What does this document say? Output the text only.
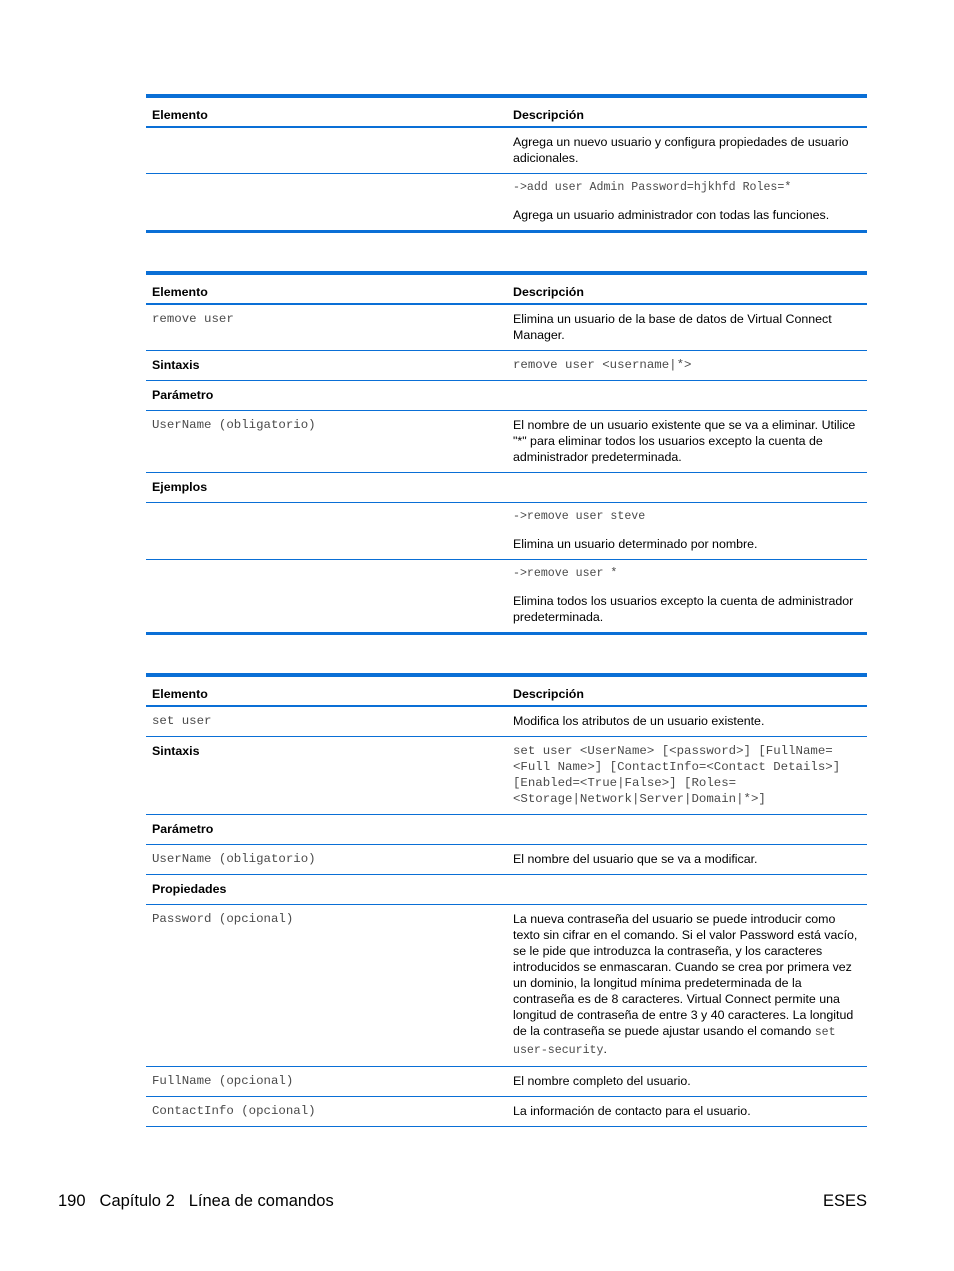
Elemento	Descripción
	Agrega un nuevo usuario y configura propiedades de usuario adicionales.

	->add user Admin Password=hjkhfd Roles=*
Agrega un usuario administrador con todas las funciones.
Elemento	Descripción
remove user	Elimina un usuario de la base de datos de Virtual Connect Manager.
Sintaxis	remove user <username|*>
Parámetro	
UserName (obligatorio)	El nombre de un usuario existente que se va a eliminar. Utilice "*" para eliminar todos los usuarios excepto la cuenta de administrador predeterminada.
Ejemplos	

	->remove user steve
Elimina un usuario determinado por nombre.

	->remove user *
Elimina todos los usuarios excepto la cuenta de administrador predeterminada.
Elemento	Descripción
set user	Modifica los atributos de un usuario existente.
Sintaxis	set user <UserName> [<password>] [FullName=<Full Name>] [ContactInfo=<Contact Details>] [Enabled=<True|False>] [Roles=<Storage|Network|Server|Domain|*>]
Parámetro	
UserName (obligatorio)	El nombre del usuario que se va a modificar.
Propiedades	
Password (opcional)	La nueva contraseña del usuario se puede introducir como texto sin cifrar en el comando. Si el valor Password está vacío, se le pide que introduzca la contraseña, y los caracteres introducidos se enmascaran. Cuando se crea por primera vez un dominio, la longitud mínima predeterminada de la contraseña es de 8 caracteres. Virtual Connect permite una longitud de contraseña de entre 3 y 40 caracteres. La longitud de la contraseña se puede ajustar usando el comando set user-security.
FullName (opcional)	El nombre completo del usuario.
ContactInfo (opcional)	La información de contacto para el usuario.
190 Capítulo 2 Línea de comandos	ESES
